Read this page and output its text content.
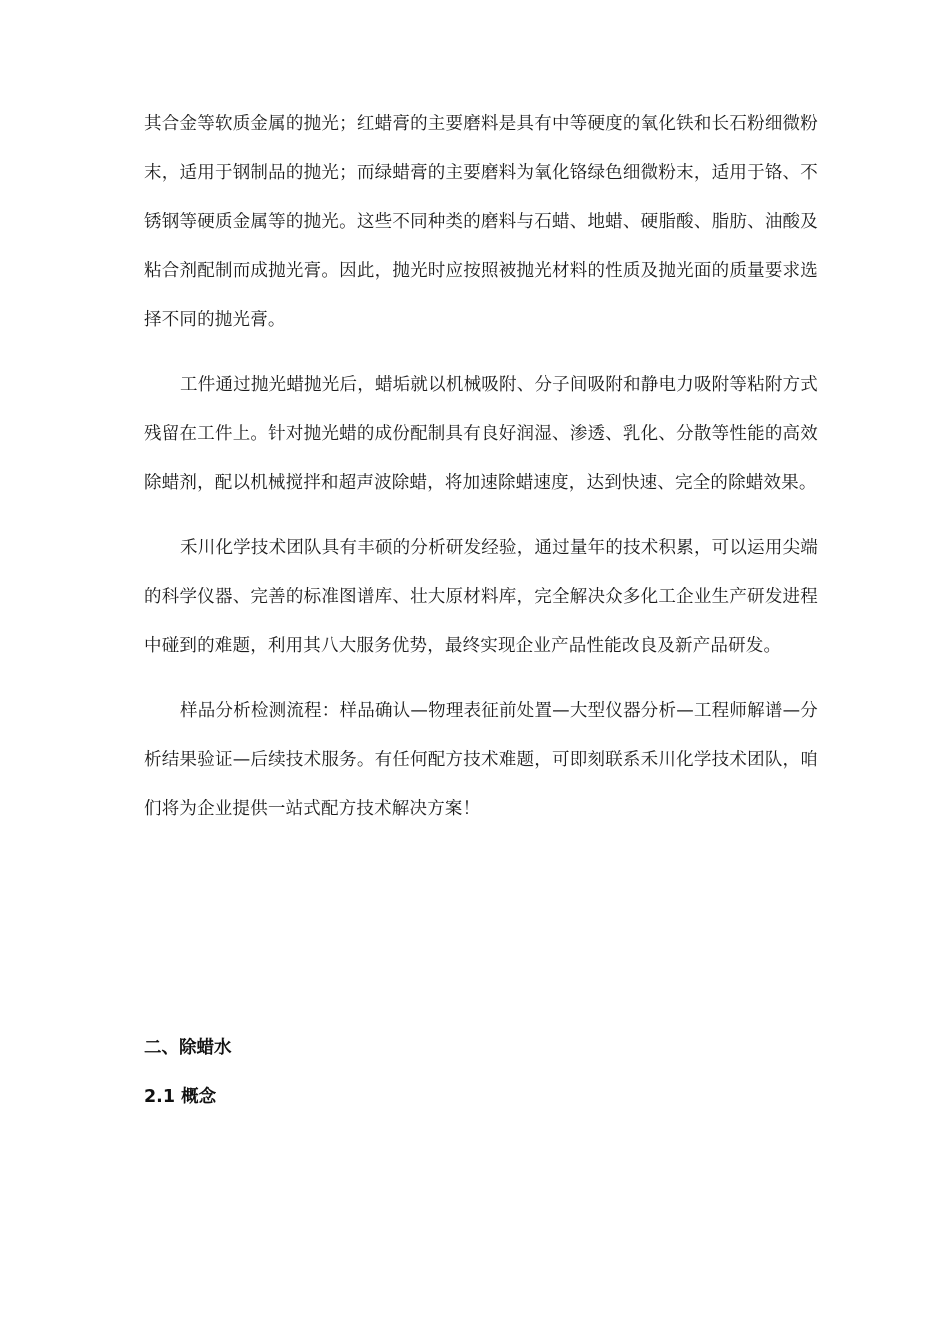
其合金等软质金属的抛光；红蜡膏的主要磨料是具有中等硬度的氧化铁和长石粉细微粉末，适用于钢制品的抛光；而绿蜡膏的主要磨料为氧化铬绿色细微粉末，适用于铬、不锈钢等硬质金属等的抛光。这些不同种类的磨料与石蜡、地蜡、硬脂酸、脂肪、油酸及粘合剂配制而成抛光膏。因此，抛光时应按照被抛光材料的性质及抛光面的质量要求选择不同的抛光膏。

工件通过抛光蜡抛光后，蜡垢就以机械吸附、分子间吸附和静电力吸附等粘附方式残留在工件上。针对抛光蜡的成份配制具有良好润湿、渗透、乳化、分散等性能的高效除蜡剂，配以机械搅拌和超声波除蜡，将加速除蜡速度，达到快速、完全的除蜡效果。

禾川化学技术团队具有丰硕的分析研发经验，通过量年的技术积累，可以运用尖端的科学仪器、完善的标准图谱库、壮大原材料库，完全解决众多化工企业生产研发进程中碰到的难题，利用其八大服务优势，最终实现企业产品性能改良及新产品研发。

样品分析检测流程：样品确认—物理表征前处置—大型仪器分析—工程师解谱—分析结果验证—后续技术服务。有任何配方技术难题，可即刻联系禾川化学技术团队，咱们将为企业提供一站式配方技术解决方案！

二、除蜡水
2.1 概念
